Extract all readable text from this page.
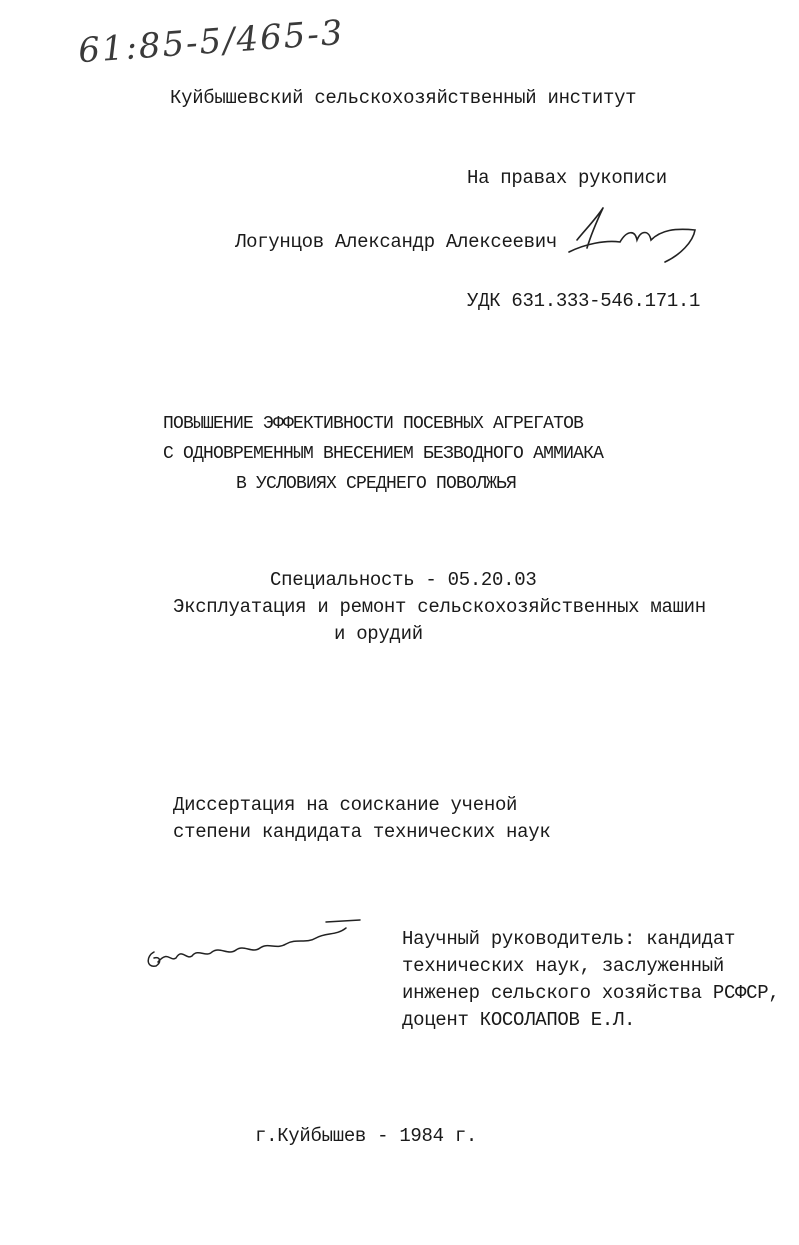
61:85-5/465-3
Куйбышевский сельскохозяйственный институт
На правах рукописи
Логунцов Александр Алексеевич
УДК 631.333-546.171.1
ПОВЫШЕНИЕ ЭФФЕКТИВНОСТИ ПОСЕВНЫХ АГРЕГАТОВ
С ОДНОВРЕМЕННЫМ ВНЕСЕНИЕМ БЕЗВОДНОГО АММИАКА
В УСЛОВИЯХ СРЕДНЕГО ПОВОЛЖЬЯ
Специальность - 05.20.03
Эксплуатация и ремонт сельскохозяйственных машин
и орудий
Диссертация на соискание ученой
степени кандидата технических наук
Научный руководитель: кандидат
технических наук, заслуженный
инженер сельского хозяйства РСФСР,
доцент КОСОЛАПОВ Е.Л.
г.Куйбышев - 1984 г.
